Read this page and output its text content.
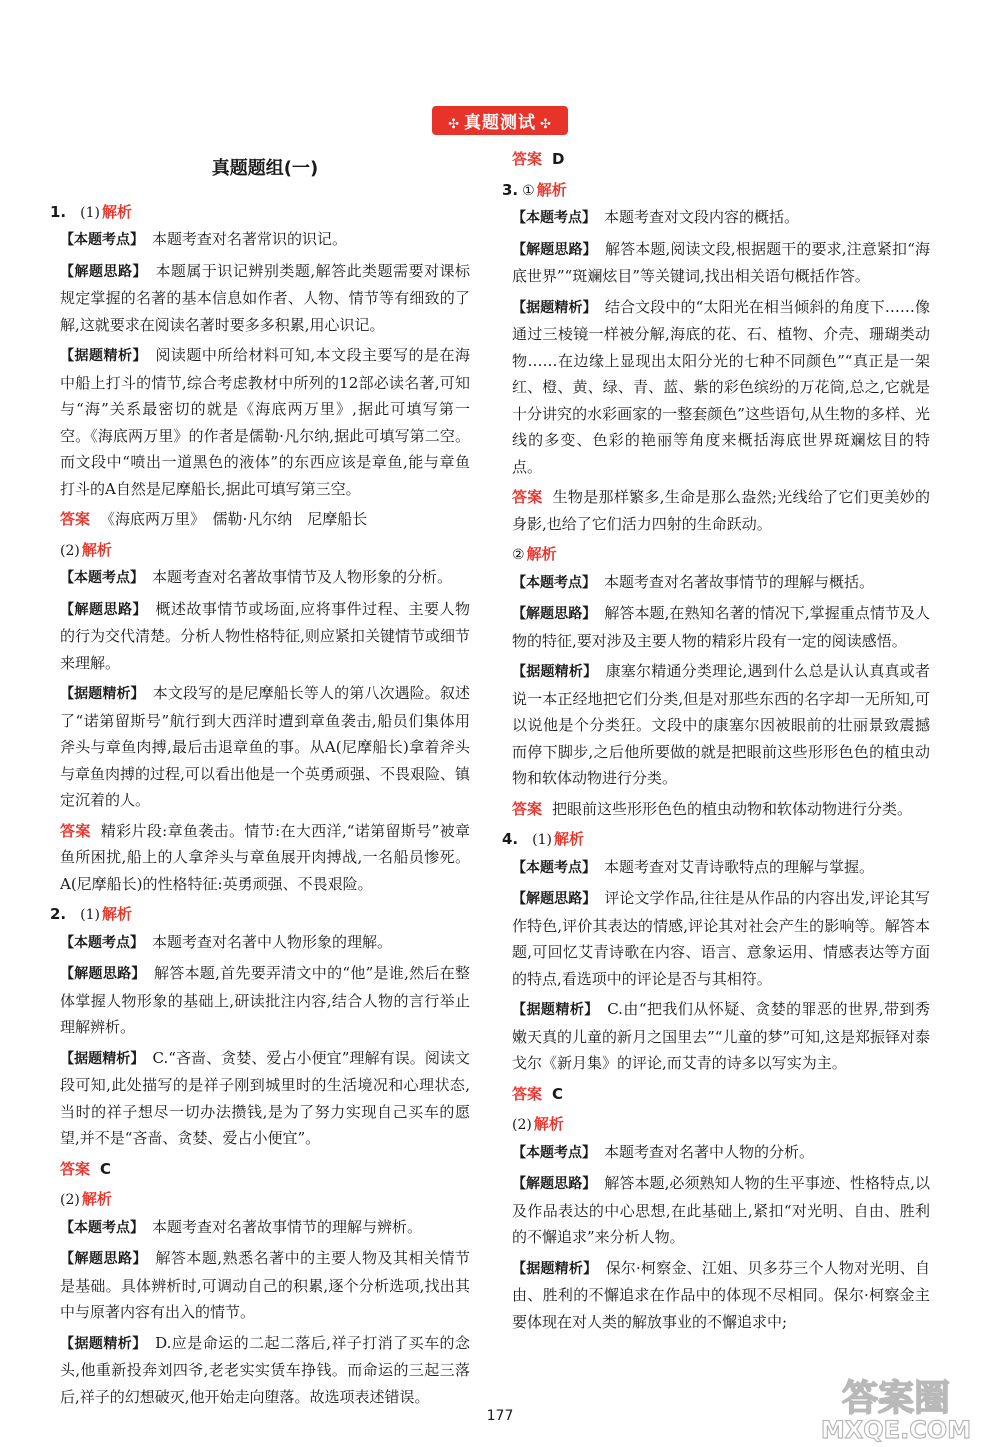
✣ 真题测试 ✣
真题题组(一)
1. (1) 解析
【本题考点】　 本题考查对名著常识的识记。
【解题思路】　 本题属于识记辨别类题,解答此类题需要对课标规定掌握的名著的基本信息如作者、人物、情节等有细致的了解,这就要求在阅读名著时要多多积累,用心识记。
【据题精析】　 阅读题中所给材料可知,本文段主要写的是在海中船上打斗的情节,综合考虑教材中所列的12部必读名著,可知与“海”关系最密切的就是《海底两万里》,据此可填写第一空。《海底两万里》的作者是儒勒·凡尔纳,据此可填写第二空。而文段中“喷出一道黑色的液体”的东西应该是章鱼,能与章鱼打斗的A自然是尼摩船长,据此可填写第三空。
答案 《海底两万里》　儒勒·凡尔纳　尼摩船长
(2) 解析
【本题考点】　 本题考查对名著故事情节及人物形象的分析。
【解题思路】　 概述故事情节或场面,应将事件过程、主要人物的行为交代清楚。分析人物性格特征,则应紧扣关键情节或细节来理解。
【据题精析】　 本文段写的是尼摩船长等人的第八次遇险。叙述了“诺第留斯号”航行到大西洋时遭到章鱼袭击,船员们集体用斧头与章鱼肉搏,最后击退章鱼的事。从A(尼摩船长)拿着斧头与章鱼肉搏的过程,可以看出他是一个英勇顽强、不畏艰险、镇定沉着的人。
答案 精彩片段:章鱼袭击。情节:在大西洋,“诺第留斯号”被章鱼所困扰,船上的人拿斧头与章鱼展开肉搏战,一名船员惨死。A(尼摩船长)的性格特征:英勇顽强、不畏艰险。
2. (1) 解析
【本题考点】　 本题考查对名著中人物形象的理解。
【解题思路】　 解答本题,首先要弄清文中的“他”是谁,然后在整体掌握人物形象的基础上,研读批注内容,结合人物的言行举止理解辨析。
【据题精析】　 C.“吝啬、贪婪、爱占小便宜”理解有误。阅读文段可知,此处描写的是祥子刚到城里时的生活境况和心理状态,当时的祥子想尽一切办法攒钱,是为了努力实现自己买车的愿望,并不是“吝啬、贪婪、爱占小便宜”。
答案 C
(2) 解析
【本题考点】　 本题考查对名著故事情节的理解与辨析。
【解题思路】　 解答本题,熟悉名著中的主要人物及其相关情节是基础。具体辨析时,可调动自己的积累,逐个分析选项,找出其中与原著内容有出入的情节。
【据题精析】　 D.应是命运的二起二落后,祥子打消了买车的念头,他重新投奔刘四爷,老老实实赁车挣钱。而命运的三起三落后,祥子的幻想破灭,他开始走向堕落。故选项表述错误。
答案 D
3. ① 解析
【本题考点】　 本题考查对文段内容的概括。
【解题思路】　 解答本题,阅读文段,根据题干的要求,注意紧扣“海底世界”“斑斓炫目”等关键词,找出相关语句概括作答。
【据题精析】　 结合文段中的“太阳光在相当倾斜的角度下……像通过三棱镜一样被分解,海底的花、石、植物、介壳、珊瑚类动物……在边缘上显现出太阳分光的七种不同颜色”“真正是一架红、橙、黄、绿、青、蓝、紫的彩色缤纷的万花筒,总之,它就是十分讲究的水彩画家的一整套颜色”这些语句,从生物的多样、光线的多变、色彩的艳丽等角度来概括海底世界斑斓炫目的特点。
答案 生物是那样繁多,生命是那么盎然;光线给了它们更美妙的身影,也给了它们活力四射的生命跃动。
② 解析
【本题考点】　 本题考查对名著故事情节的理解与概括。
【解题思路】　 解答本题,在熟知名著的情况下,掌握重点情节及人物的特征,要对涉及主要人物的精彩片段有一定的阅读感悟。
【据题精析】　 康塞尔精通分类理论,遇到什么总是认认真真或者说一本正经地把它们分类,但是对那些东西的名字却一无所知,可以说他是个分类狂。文段中的康塞尔因被眼前的壮丽景致震撼而停下脚步,之后他所要做的就是把眼前这些形形色色的植虫动物和软体动物进行分类。
答案 把眼前这些形形色色的植虫动物和软体动物进行分类。
4. (1) 解析
【本题考点】　 本题考查对艾青诗歌特点的理解与掌握。
【解题思路】　 评论文学作品,往往是从作品的内容出发,评论其写作特色,评价其表达的情感,评论其对社会产生的影响等。解答本题,可回忆艾青诗歌在内容、语言、意象运用、情感表达等方面的特点,看选项中的评论是否与其相符。
【据题精析】　 C.由“把我们从怀疑、贪婪的罪恶的世界,带到秀嫩天真的儿童的新月之国里去”“儿童的梦”可知,这是郑振铎对泰戈尔《新月集》的评论,而艾青的诗多以写实为主。
答案 C
(2) 解析
【本题考点】　 本题考查对名著中人物的分析。
【解题思路】　 解答本题,必须熟知人物的生平事迹、性格特点,以及作品表达的中心思想,在此基础上,紧扣“对光明、自由、胜利的不懈追求”来分析人物。
【据题精析】　 保尔·柯察金、江姐、贝多芬三个人物对光明、自由、胜利的不懈追求在作品中的体现不尽相同。保尔·柯察金主要体现在对人类的解放事业的不懈追求中;
177	答案圈
MXQE.COM
